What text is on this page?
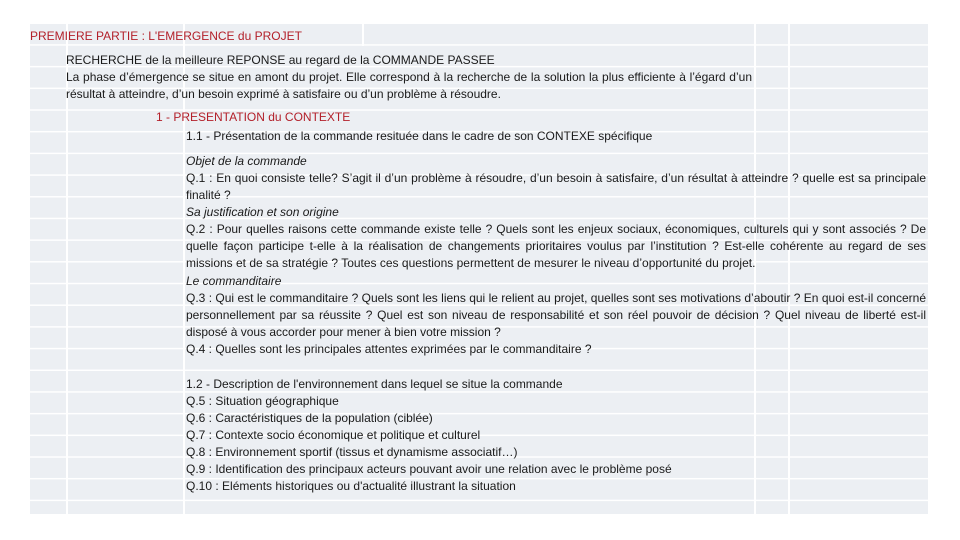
PREMIERE PARTIE : L'EMERGENCE du PROJET
RECHERCHE de la meilleure REPONSE au regard de la COMMANDE PASSEE
La phase d’émergence se situe en amont du projet. Elle correspond à la recherche de la solution la plus efficiente à l’égard d’un résultat à atteindre, d’un besoin exprimé à satisfaire ou d’un problème à résoudre.
1 - PRESENTATION du CONTEXTE
1.1 - Présentation de la commande resituée dans le cadre de son CONTEXE spécifique
Objet de la commande
Q.1 : En quoi consiste telle? S’agit il d’un problème à résoudre, d’un besoin à satisfaire, d’un résultat à atteindre ? quelle est sa principale finalité ?
Sa justification et son origine
Q.2 : Pour quelles raisons cette commande existe telle ? Quels sont les enjeux sociaux, économiques, culturels qui y sont associés ? De quelle façon participe t-elle à la réalisation de changements prioritaires voulus par l’institution ? Est-elle cohérente au regard de ses missions et de sa stratégie ? Toutes ces questions permettent de mesurer le niveau d’opportunité du projet.
Le commanditaire
Q.3 : Qui est le commanditaire ? Quels sont les liens qui le relient au projet, quelles sont ses motivations d’aboutir ? En quoi est-il concerné personnellement par sa réussite ? Quel est son niveau de responsabilité et son réel pouvoir de décision ? Quel niveau de liberté est-il disposé à vous accorder pour mener à bien votre mission ?
Q.4 : Quelles sont les principales attentes exprimées par le commanditaire ?
1.2 - Description de l'environnement dans lequel se situe la commande
Q.5 : Situation géographique
Q.6 : Caractéristiques de la population (ciblée)
Q.7 : Contexte socio économique et politique et culturel
Q.8 : Environnement sportif (tissus et dynamisme associatif…)
Q.9 : Identification des principaux acteurs pouvant avoir une relation avec le problème posé
Q.10 : Eléments historiques ou d'actualité illustrant la situation
